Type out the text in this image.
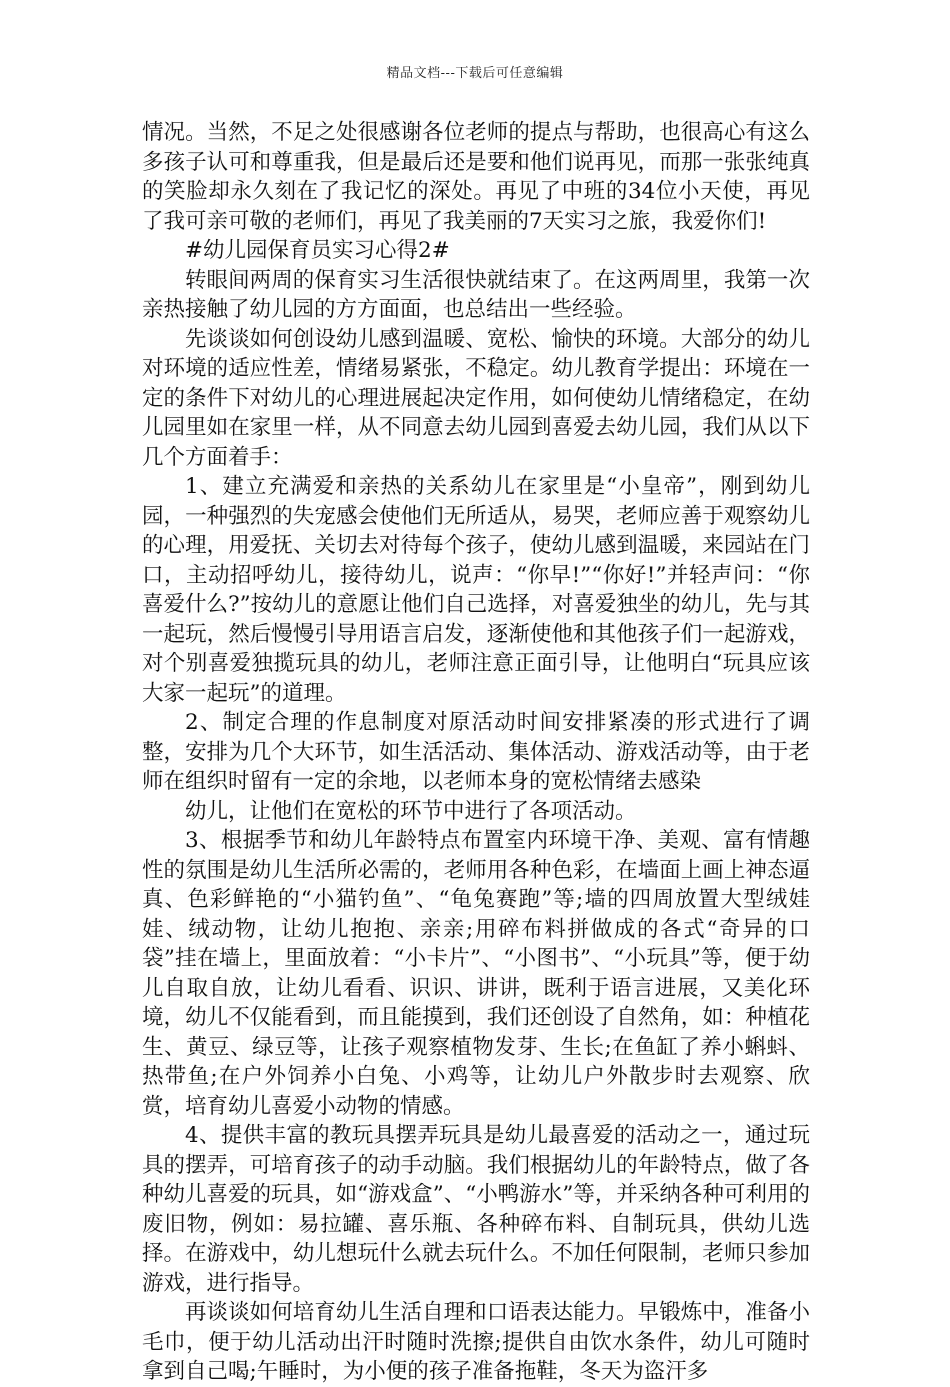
精品文档---下载后可任意编辑

情况。当然，不足之处很感谢各位老师的提点与帮助，也很高心有这么多孩子认可和尊重我，但是最后还是要和他们说再见，而那一张张纯真的笑脸却永久刻在了我记忆的深处。再见了中班的34位小天使，再见了我可亲可敬的老师们，再见了我美丽的7天实习之旅，我爱你们!

#幼儿园保育员实习心得2#

转眼间两周的保育实习生活很快就结束了。在这两周里，我第一次亲热接触了幼儿园的方方面面，也总结出一些经验。

先谈谈如何创设幼儿感到温暖、宽松、愉快的环境。大部分的幼儿对环境的适应性差，情绪易紧张，不稳定。幼儿教育学提出：环境在一定的条件下对幼儿的心理进展起决定作用，如何使幼儿情绪稳定，在幼儿园里如在家里一样，从不同意去幼儿园到喜爱去幼儿园，我们从以下几个方面着手：

1、建立充满爱和亲热的关系幼儿在家里是“小皇帝”，刚到幼儿园，一种强烈的失宠感会使他们无所适从，易哭，老师应善于观察幼儿的心理，用爱抚、关切去对待每个孩子，使幼儿感到温暖，来园站在门口，主动招呼幼儿，接待幼儿，说声：“你早!”“你好!”并轻声问：“你喜爱什么?”按幼儿的意愿让他们自己选择，对喜爱独坐的幼儿，先与其一起玩，然后慢慢引导用语言启发，逐渐使他和其他孩子们一起游戏，对个别喜爱独揽玩具的幼儿，老师注意正面引导，让他明白“玩具应该大家一起玩”的道理。

2、制定合理的作息制度对原活动时间安排紧凑的形式进行了调整，安排为几个大环节，如生活活动、集体活动、游戏活动等，由于老师在组织时留有一定的余地，以老师本身的宽松情绪去感染

幼儿，让他们在宽松的环节中进行了各项活动。

3、根据季节和幼儿年龄特点布置室内环境干净、美观、富有情趣性的氛围是幼儿生活所必需的，老师用各种色彩，在墙面上画上神态逼真、色彩鲜艳的“小猫钓鱼”、“龟兔赛跑”等;墙的四周放置大型绒娃娃、绒动物，让幼儿抱抱、亲亲;用碎布料拼做成的各式“奇异的口袋”挂在墙上，里面放着：“小卡片”、“小图书”、“小玩具”等，便于幼儿自取自放，让幼儿看看、识识、讲讲，既利于语言进展，又美化环境，幼儿不仅能看到，而且能摸到，我们还创设了自然角，如：种植花生、黄豆、绿豆等，让孩子观察植物发芽、生长;在鱼缸了养小蝌蚪、热带鱼;在户外饲养小白兔、小鸡等，让幼儿户外散步时去观察、欣赏，培育幼儿喜爱小动物的情感。

4、提供丰富的教玩具摆弄玩具是幼儿最喜爱的活动之一，通过玩具的摆弄，可培育孩子的动手动脑。我们根据幼儿的年龄特点，做了各种幼儿喜爱的玩具，如“游戏盒”、“小鸭游水”等，并采纳各种可利用的废旧物，例如：易拉罐、喜乐瓶、各种碎布料、自制玩具，供幼儿选择。在游戏中，幼儿想玩什么就去玩什么。不加任何限制，老师只参加游戏，进行指导。

再谈谈如何培育幼儿生活自理和口语表达能力。早锻炼中，准备小毛巾，便于幼儿活动出汗时随时洗擦;提供自由饮水条件，幼儿可随时拿到自己喝;午睡时，为小便的孩子准备拖鞋，冬天为盗汗多
